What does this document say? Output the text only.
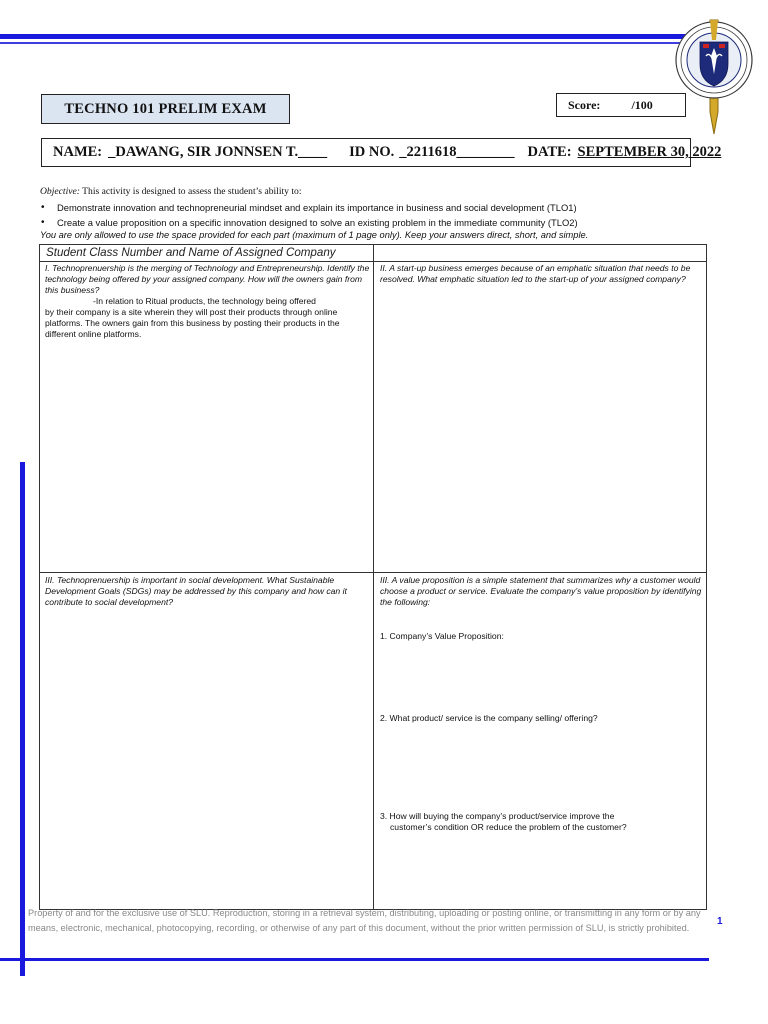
TECHNO 101 PRELIM EXAM	Score:	/100
NAME: _DAWANG, SIR JONNSEN T.____ ID NO. _2211618________ DATE: SEPTEMBER 30, 2022
Objective: This activity is designed to assess the student’s ability to:
• Demonstrate innovation and technopreneurial mindset and explain its importance in business and social development (TLO1)
• Create a value proposition on a specific innovation designed to solve an existing problem in the immediate community (TLO2)
You are only allowed to use the space provided for each part (maximum of 1 page only). Keep your answers direct, short, and simple.
Student Class Number and Name of Assigned Company
I. Technoprenuership is the merging of Technology and Entrepreneurship. Identify the technology being offered by your assigned company. How will the owners gain from this business?
-In relation to Ritual products, the technology being offered
by their company is a site wherein they will post their products through online platforms. The owners gain from this business by posting their products in the different online platforms.
II. A start-up business emerges because of an emphatic situation that needs to be resolved. What emphatic situation led to the start-up of your assigned company?
III. Technoprenuership is important in social development. What Sustainable Development Goals (SDGs) may be addressed by this company and how can it contribute to social development?
III. A value proposition is a simple statement that summarizes why a customer would choose a product or service. Evaluate the company’s value proposition by identifying the following:
1. Company’s Value Proposition:
2. What product/ service is the company selling/ offering?
3. How will buying the company’s product/service improve the
customer’s condition OR reduce the problem of the customer?
Property of and for the exclusive use of SLU. Reproduction, storing in a retrieval system, distributing, uploading or posting online, or transmitting in any form or by any
means, electronic, mechanical, photocopying, recording, or otherwise of any part of this document, without the prior written permission of SLU, is strictly prohibited.
1
